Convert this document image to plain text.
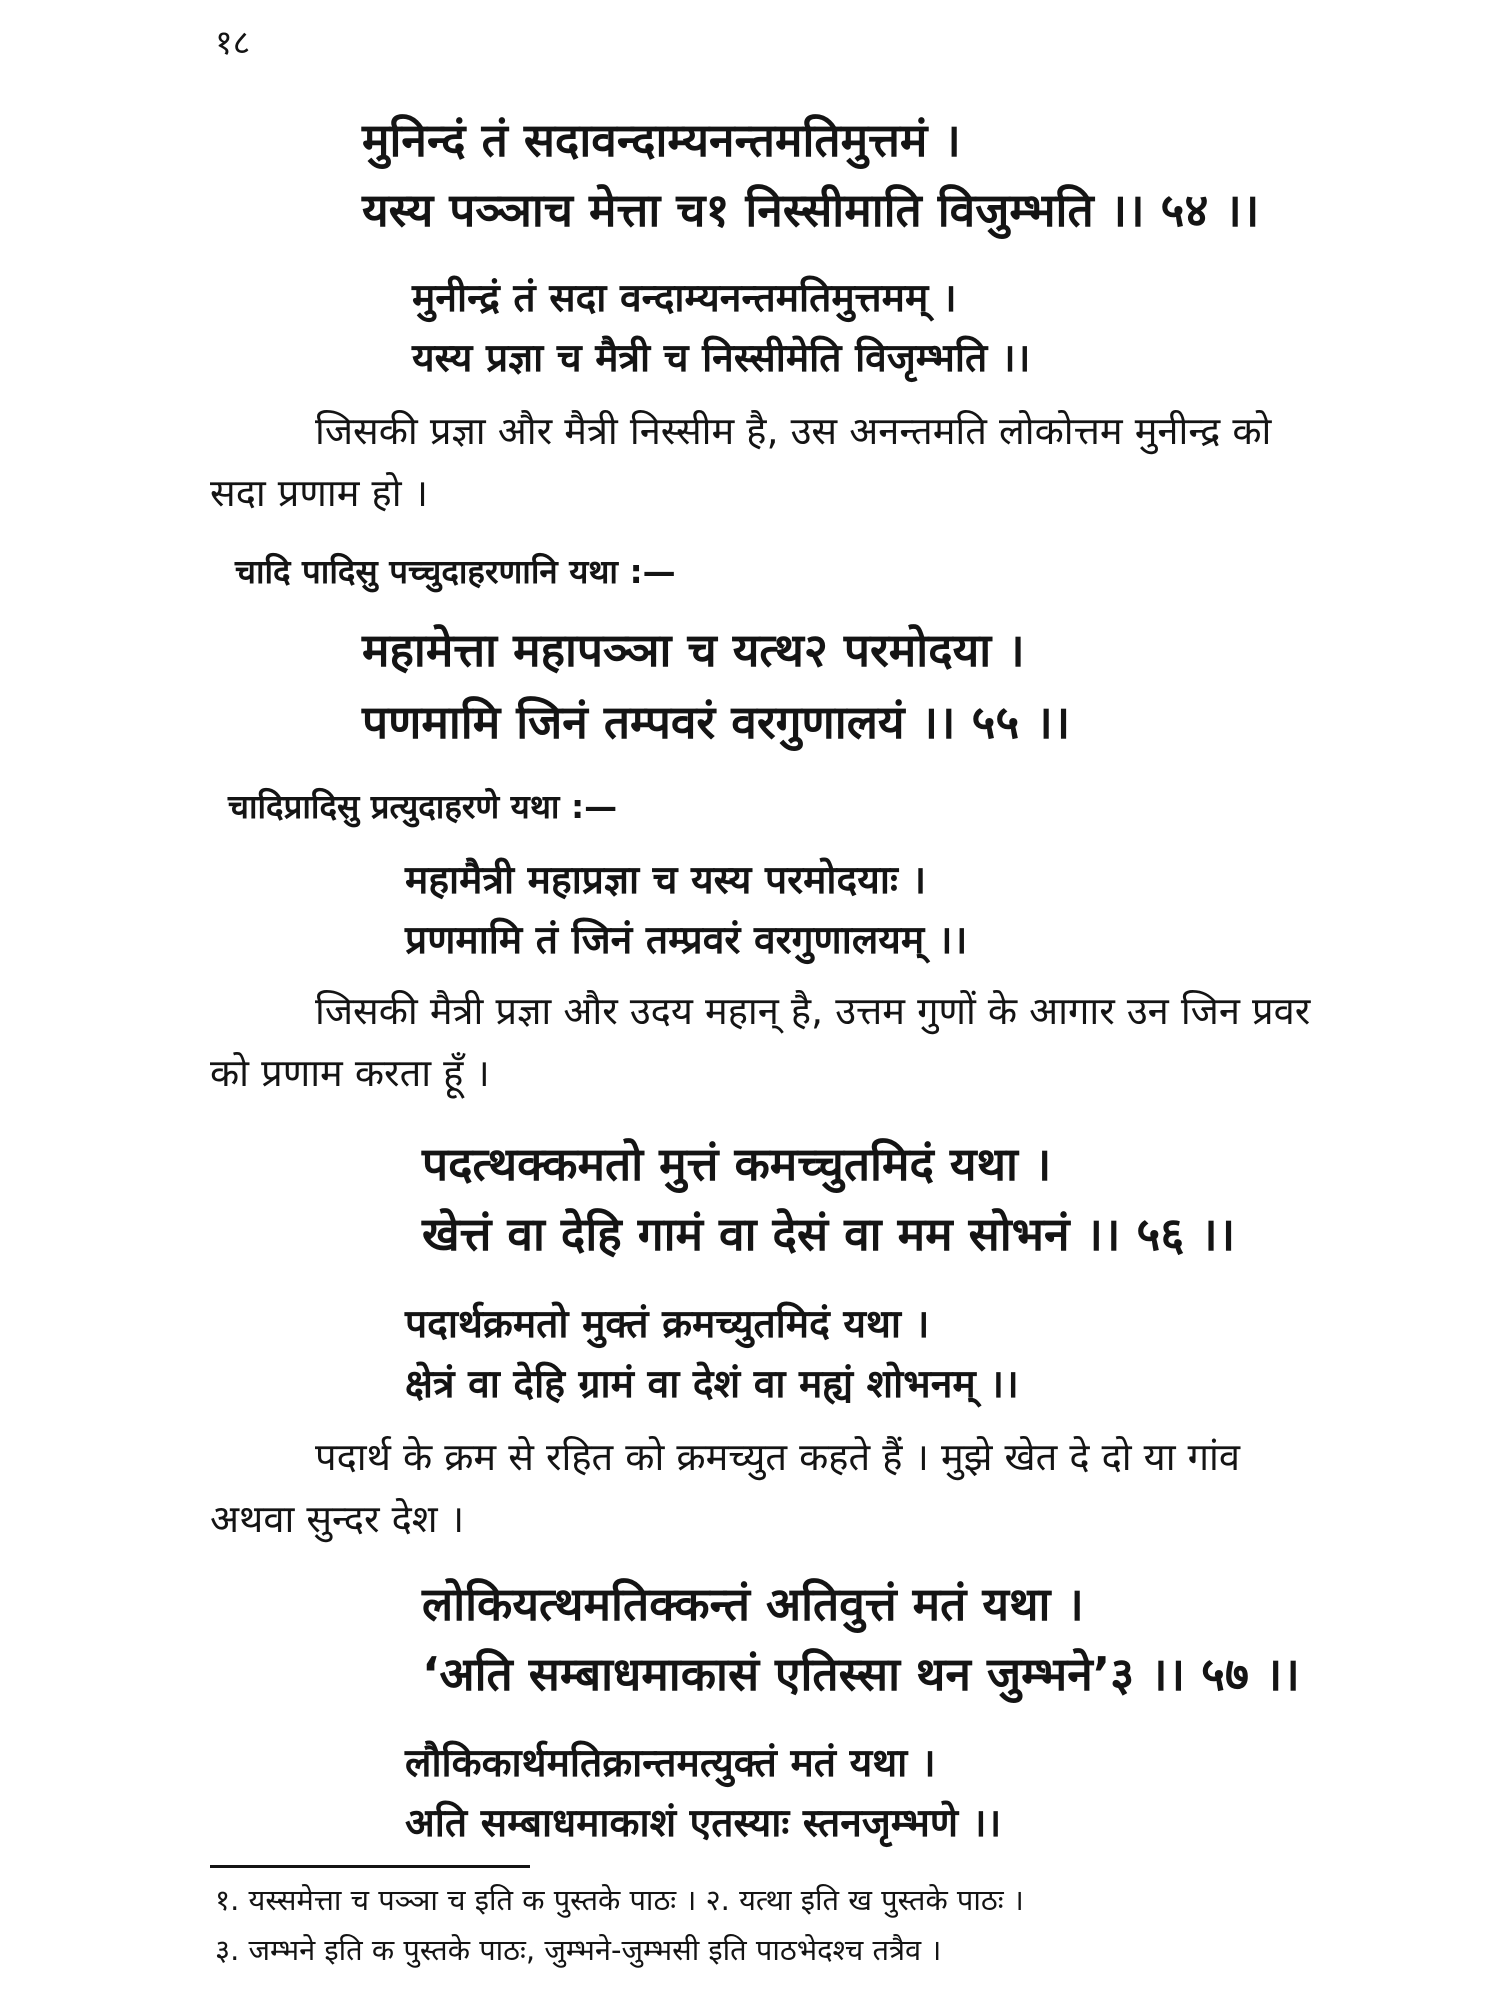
१८
मुनिन्दं तं सदावन्दाम्यनन्तमतिमुत्तमं ।
यस्य पञ्ञाच मेत्ता च१ निस्सीमाति विजुम्भति ।। ५४ ।।
मुनीन्द्रं तं सदा वन्दाम्यनन्तमतिमुत्तमम् ।
यस्य प्रज्ञा च मैत्री च निस्सीमेति विजृम्भति ।।
जिसकी प्रज्ञा और मैत्री निस्सीम है, उस अनन्तमति लोकोत्तम मुनीन्द्र को सदा प्रणाम हो ।
चादि पादिसु पच्चुदाहरणानि यथा :—
महामेत्ता महापञ्ञा च यत्थ२ परमोदया ।
पणमामि जिनं तम्पवरं वरगुणालयं ।। ५५ ।।
चादिप्रादिसु प्रत्युदाहरणे यथा :—
महामैत्री महाप्रज्ञा च यस्य परमोदयाः ।
प्रणमामि तं जिनं तम्प्रवरं वरगुणालयम् ।।
जिसकी मैत्री प्रज्ञा और उदय महान् है, उत्तम गुणों के आगार उन जिन प्रवर को प्रणाम करता हूँ ।
पदत्थक्कमतो मुत्तं कमच्चुतमिदं यथा ।
खेत्तं वा देहि गामं वा देसं वा मम सोभनं ।। ५६ ।।
पदार्थक्रमतो मुक्तं क्रमच्युतमिदं यथा ।
क्षेत्रं वा देहि ग्रामं वा देशं वा मह्यं शोभनम् ।।
पदार्थ के क्रम से रहित को क्रमच्युत कहते हैं । मुझे खेत दे दो या गांव अथवा सुन्दर देश ।
लोकियत्थमतिक्कन्तं अतिवुत्तं मतं यथा ।
‘अति सम्बाधमाकासं एतिस्सा थन जुम्भने’३ ।। ५७ ।।
लौकिकार्थमतिक्रान्तमत्युक्तं मतं यथा ।
अति सम्बाधमाकाशं एतस्याः स्तनजृम्भणे ।।
१. यस्समेत्ता च पञ्ञा च इति क पुस्तके पाठः । २. यत्था इति ख पुस्तके पाठः ।
३. जम्भने इति क पुस्तके पाठः, जुम्भने-जुम्भसी इति पाठभेदश्च तत्रैव ।
